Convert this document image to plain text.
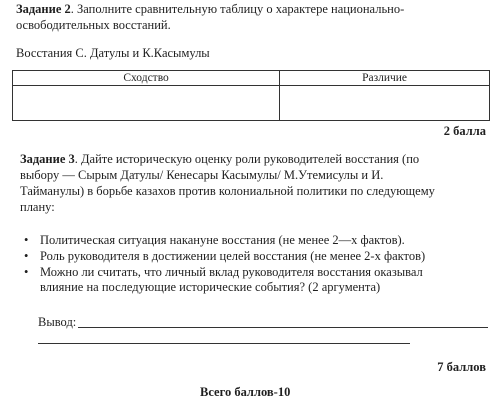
Задание 2. Заполните сравнительную таблицу о характере национально-
освободительных восстаний.
Восстания С. Датулы и К.Касымулы
Сходство	Различие

2 балла
Задание 3. Дайте историческую оценку роли руководителей восстания (по
выбору — Сырым Датулы/ Кенесары Касымулы/ М.Утемисулы и И.
Тайманулы) в борьбе казахов против колониальной политики по следующему
плану:
• Политическая ситуация накануне восстания (не менее 2—х фактов).
• Роль руководителя в достижении целей восстания (не менее 2-х фактов)
• Можно ли считать, что личный вклад руководителя восстания оказывал
влияние на последующие исторические события? (2 аргумента)
Вывод:
7 баллов
Всего баллов-10
